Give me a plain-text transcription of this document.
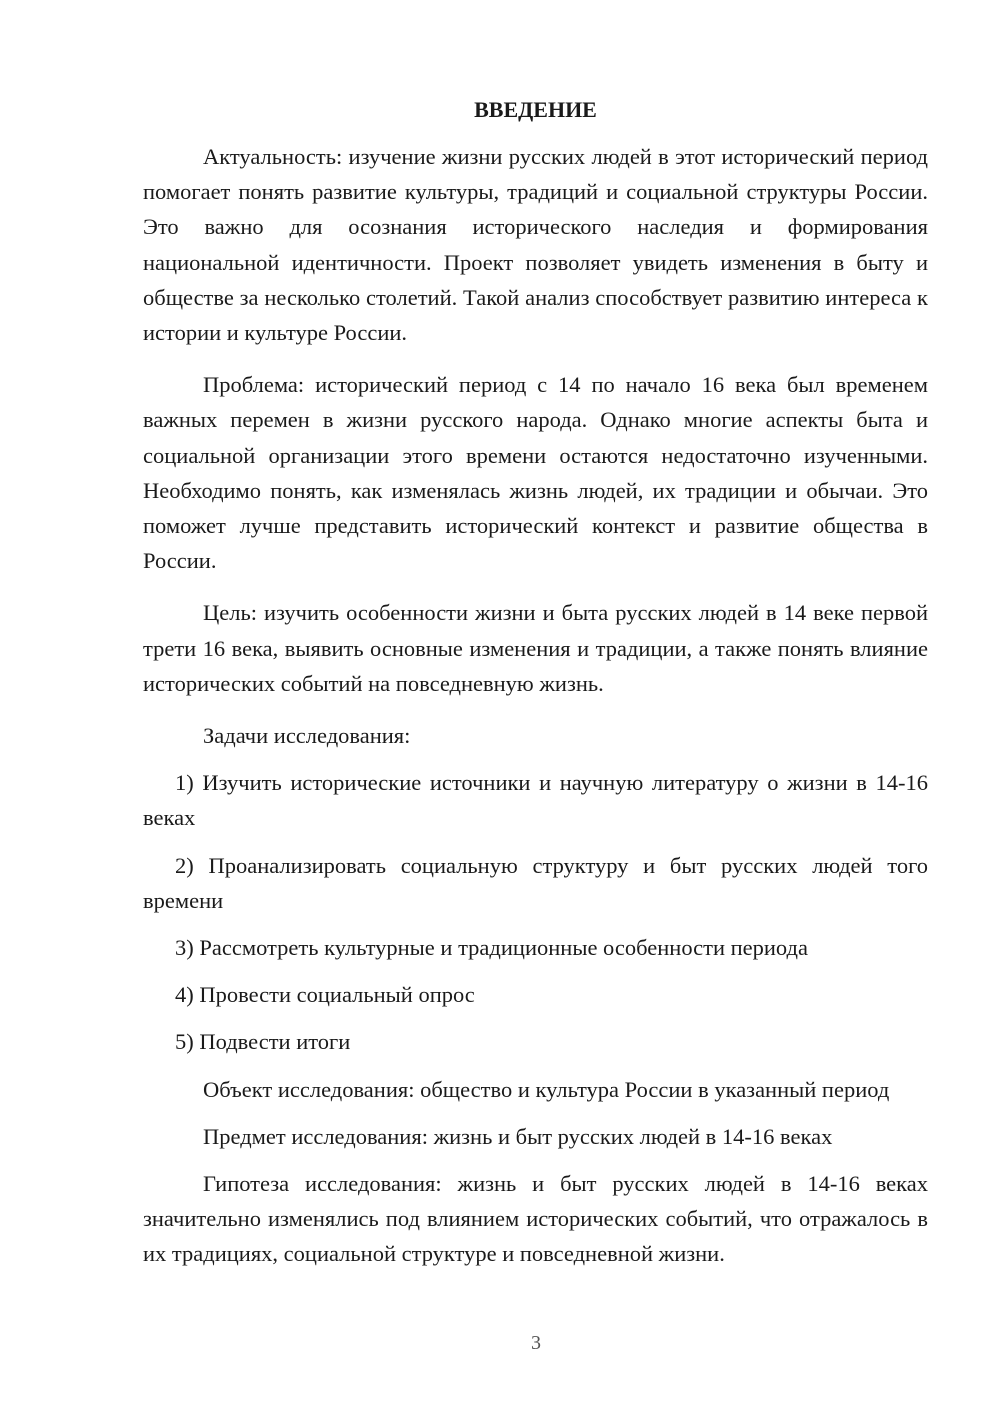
ВВЕДЕНИЕ

Актуальность: изучение жизни русских людей в этот исторический период помогает понять развитие культуры, традиций и социальной структуры России. Это важно для осознания исторического наследия и формирования национальной идентичности. Проект позволяет увидеть изменения в быту и обществе за несколько столетий. Такой анализ способствует развитию интереса к истории и культуре России.

Проблема: исторический период с 14 по начало 16 века был временем важных перемен в жизни русского народа. Однако многие аспекты быта и социальной организации этого времени остаются недостаточно изученными. Необходимо понять, как изменялась жизнь людей, их традиции и обычаи. Это поможет лучше представить исторический контекст и развитие общества в России.

Цель: изучить особенности жизни и быта русских людей в 14 веке первой трети 16 века, выявить основные изменения и традиции, а также понять влияние исторических событий на повседневную жизнь.

Задачи исследования:

1) Изучить исторические источники и научную литературу о жизни в 14-16 веках

2) Проанализировать социальную структуру и быт русских людей того времени

3) Рассмотреть культурные и традиционные особенности периода

4) Провести социальный опрос

5) Подвести итоги

Объект исследования: общество и культура России в указанный период

Предмет исследования: жизнь и быт русских людей в 14-16 веках

Гипотеза исследования: жизнь и быт русских людей в 14-16 веках значительно изменялись под влиянием исторических событий, что отражалось в их традициях, социальной структуре и повседневной жизни.

3
